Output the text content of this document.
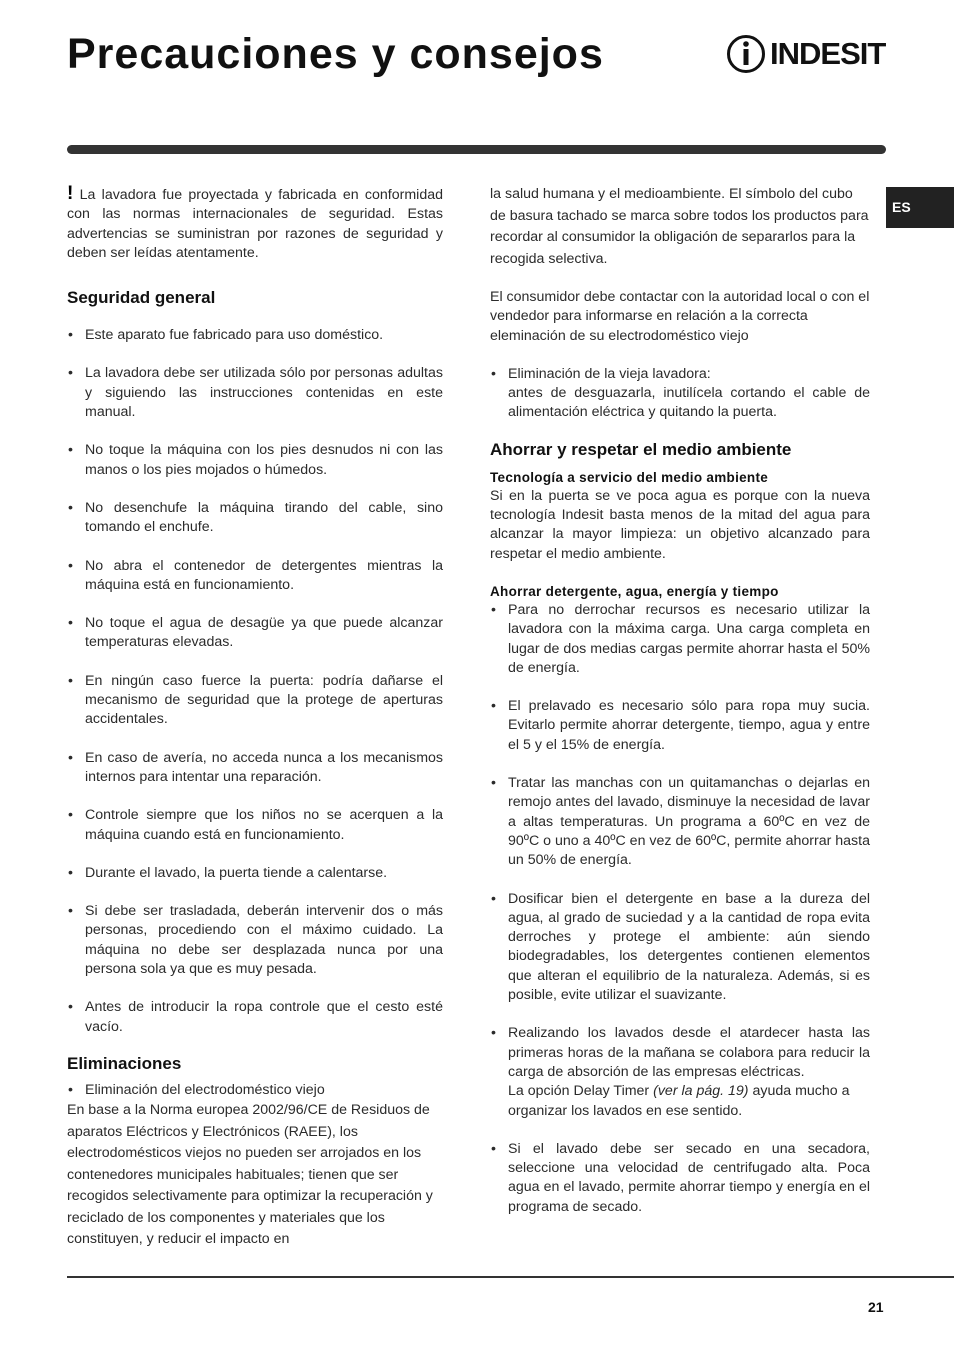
Precauciones y consejos	INDESIT
ES

! La lavadora fue proyectada y fabricada en conformidad con las normas internacionales de seguridad. Estas advertencias se suministran por razones de seguridad y deben ser leídas atentamente.

Seguridad general

• Este aparato fue fabricado para uso doméstico.

• La lavadora debe ser utilizada sólo por personas adultas y siguiendo las instrucciones contenidas en este manual.

• No toque la máquina con los pies desnudos ni con las manos o los pies mojados o húmedos.

• No desenchufe la máquina tirando del cable, sino tomando el enchufe.

• No abra el contenedor de detergentes mientras la máquina está en funcionamiento.

• No toque el agua de desagüe ya que puede alcanzar temperaturas elevadas.

• En ningún caso fuerce la puerta: podría dañarse el mecanismo de seguridad que la protege de aperturas accidentales.

• En caso de avería, no acceda nunca a los mecanismos internos para intentar una reparación.

• Controle siempre que los niños no se acerquen a la máquina cuando está en funcionamiento.

• Durante el lavado, la puerta tiende a calentarse.

• Si debe ser trasladada, deberán intervenir dos o más personas, procediendo con el máximo cuidado. La máquina no debe ser desplazada nunca por una persona sola ya que es muy pesada.

• Antes de introducir la ropa controle que el cesto esté vacío.

Eliminaciones

• Eliminación del electrodoméstico viejo

En base a la Norma europea 2002/96/CE de Residuos de aparatos Eléctricos y Electrónicos (RAEE), los electrodomésticos viejos no pueden ser arrojados en los contenedores municipales habituales; tienen que ser recogidos selectivamente para optimizar la recuperación y reciclado de los componentes y materiales que los constituyen, y reducir el impacto en

la salud humana y el medioambiente. El símbolo del cubo de basura tachado se marca sobre todos los productos para recordar al consumidor la obligación de separarlos para la recogida selectiva.

El consumidor debe contactar con la autoridad local o con el vendedor para informarse en relación a la correcta eleminación de su electrodoméstico viejo

• Eliminación de la vieja lavadora:

antes de desguazarla, inutilícela cortando el cable de alimentación eléctrica y quitando la puerta.

Ahorrar y respetar el medio ambiente
Tecnología a servicio del medio ambiente

Si en la puerta se ve poca agua es porque con la nueva tecnología Indesit basta menos de la mitad del agua para alcanzar la mayor limpieza: un objetivo alcanzado para respetar el medio ambiente.

Ahorrar detergente, agua, energía y tiempo

• Para no derrochar recursos es necesario utilizar la lavadora con la máxima carga. Una carga completa en lugar de dos medias cargas permite ahorrar hasta el 50% de energía.

• El prelavado es necesario sólo para ropa muy sucia. Evitarlo permite ahorrar detergente, tiempo, agua y entre el 5 y el 15% de energía.

• Tratar las manchas con un quitamanchas o dejarlas en remojo antes del lavado, disminuye la necesidad de lavar a altas temperaturas. Un programa a 60ºC en vez de 90ºC o uno a 40ºC en vez de 60ºC, permite ahorrar hasta un 50% de energía.

• Dosificar bien el detergente en base a la dureza del agua, al grado de suciedad y a la cantidad de ropa evita derroches y protege el ambiente: aún siendo biodegradables, los detergentes contienen elementos que alteran el equilibrio de la naturaleza. Además, si es posible, evite utilizar el suavizante.

• Realizando los lavados desde el atardecer hasta las primeras horas de la mañana se colabora para reducir la carga de absorción de las empresas eléctricas.

La opción Delay Timer (ver la pág. 19) ayuda mucho a organizar los lavados en ese sentido.

• Si el lavado debe ser secado en una secadora, seleccione una velocidad de centrifugado alta. Poca agua en el lavado, permite ahorrar tiempo y energía en el programa de secado.

21
